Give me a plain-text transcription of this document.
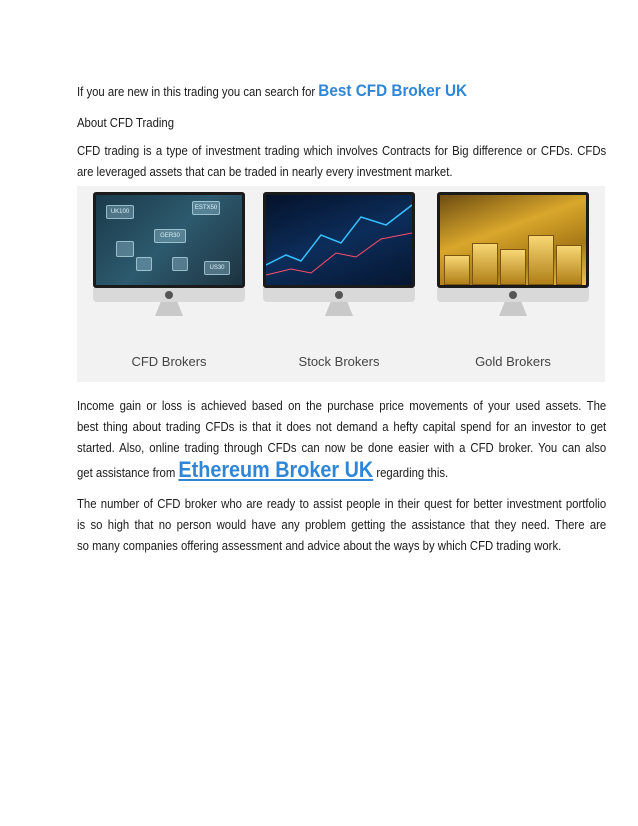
If you are new in this trading you can search for Best CFD Broker UK
About CFD Trading
CFD trading is a type of investment trading which involves Contracts for Big difference or CFDs. CFDs
are leveraged assets that can be traded in nearly every investment market.
UK100
ESTX50
GER30
US30
CFD Brokers	Stock Brokers	Gold Brokers
Income gain or loss is achieved based on the purchase price movements of your used assets. The
best thing about trading CFDs is that it does not demand a hefty capital spend for an investor to get
started. Also, online trading through CFDs can now be done easier with a CFD broker. You can also
get assistance from Ethereum Broker UK regarding this.
The number of CFD broker who are ready to assist people in their quest for better investment portfolio
is so high that no person would have any problem getting the assistance that they need. There are
so many companies offering assessment and advice about the ways by which CFD trading work.
